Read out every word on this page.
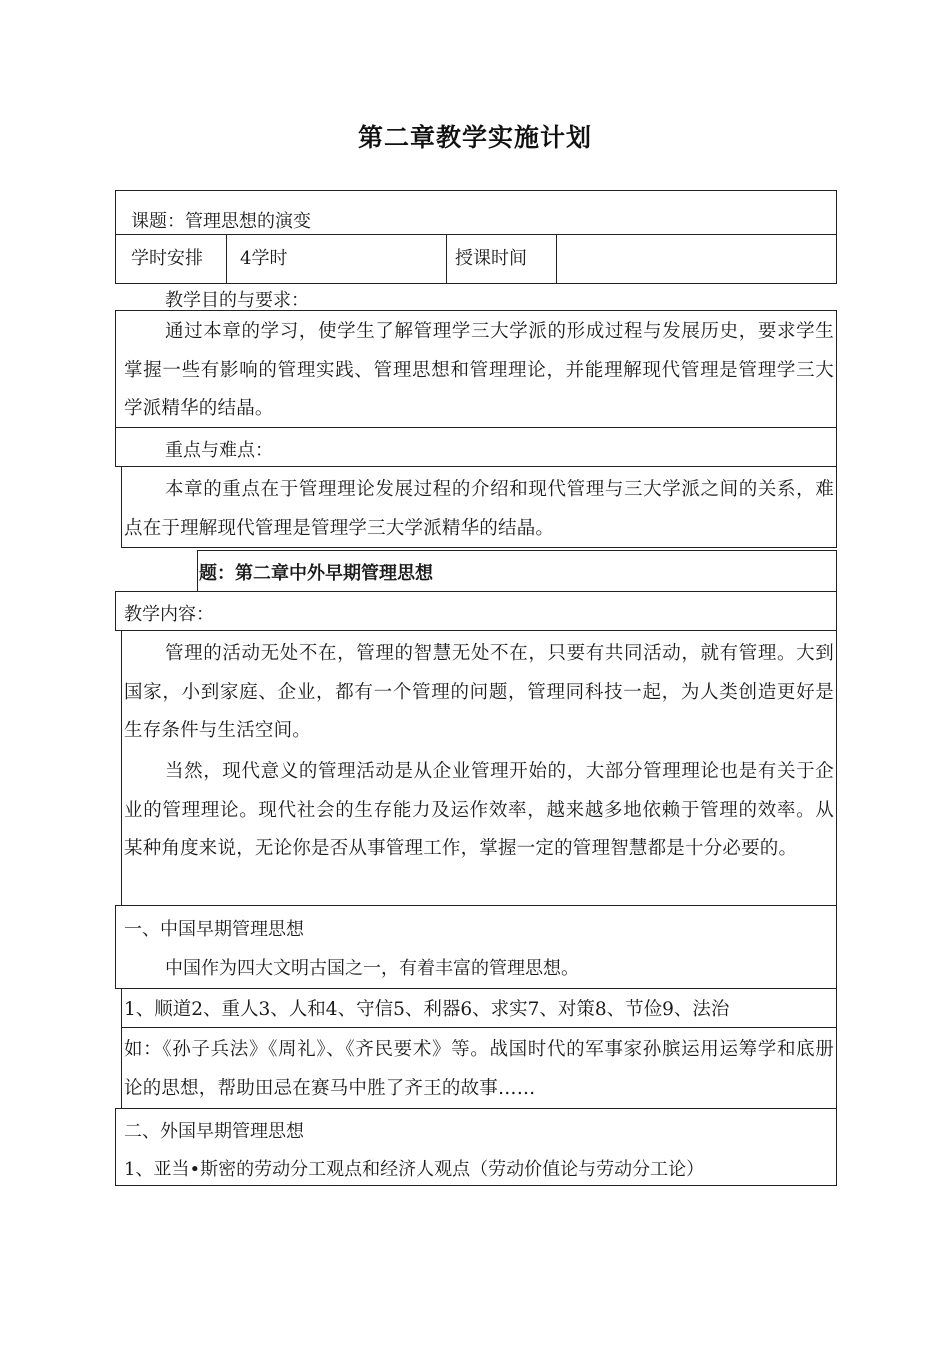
第二章教学实施计划
课题：管理思想的演变
学时安排 4学时	授课时间
教学目的与要求：
通过本章的学习，使学生了解管理学三大学派的形成过程与发展历史，要求学生掌握一些有影响的管理实践、管理思想和管理理论，并能理解现代管理是管理学三大学派精华的结晶。
重点与难点：
本章的重点在于管理理论发展过程的介绍和现代管理与三大学派之间的关系，难点在于理解现代管理是管理学三大学派精华的结晶。
题：第二章中外早期管理思想
教学内容：
管理的活动无处不在，管理的智慧无处不在，只要有共同活动，就有管理。大到国家，小到家庭、企业，都有一个管理的问题，管理同科技一起，为人类创造更好是生存条件与生活空间。
当然，现代意义的管理活动是从企业管理开始的，大部分管理理论也是有关于企业的管理理论。现代社会的生存能力及运作效率，越来越多地依赖于管理的效率。从某种角度来说，无论你是否从事管理工作，掌握一定的管理智慧都是十分必要的。
一、中国早期管理思想
中国作为四大文明古国之一，有着丰富的管理思想。
1、顺道2、重人3、人和4、守信5、利器6、求实7、对策8、节俭9、法治
如：《孙子兵法》《周礼》、《齐民要术》等。战国时代的军事家孙膑运用运筹学和底册论的思想，帮助田忌在赛马中胜了齐王的故事……
二、外国早期管理思想
1、亚当•斯密的劳动分工观点和经济人观点（劳动价值论与劳动分工论）
